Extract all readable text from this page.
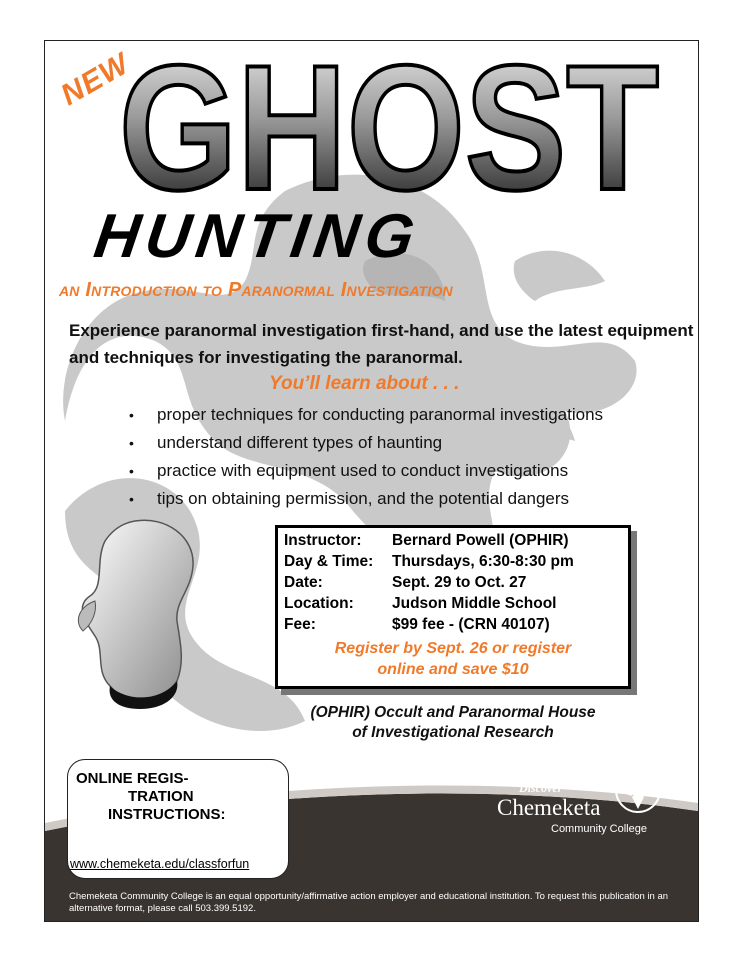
NEW
GHOST
HUNTING
an Introduction to Paranormal Investigation
Experience paranormal investigation first-hand, and use the latest equipment and techniques for investigating the paranormal.
You’ll learn about . . .
• proper techniques for conducting paranormal investigations
• understand different types of haunting
• practice with equipment used to conduct investigations
• tips on obtaining permission, and the potential dangers
Instructor: Bernard Powell (OPHIR)
Day & Time: Thursdays, 6:30-8:30 pm
Date:	Sept. 29 to Oct. 27
Location: Judson Middle School
Fee:	$99 fee - (CRN 40107)
Register by Sept. 26 or register
online and save $10
(OPHIR) Occult and Paranormal House
of Investigational Research
ONLINE REGIS-
TRATION
INSTRUCTIONS:
www.chemeketa.edu/classforfun
Discover
Chemeketa
Community College
Chemeketa Community College is an equal opportunity/affirmative action employer and educational institution. To request this publication in an alternative format, please call 503.399.5192.
